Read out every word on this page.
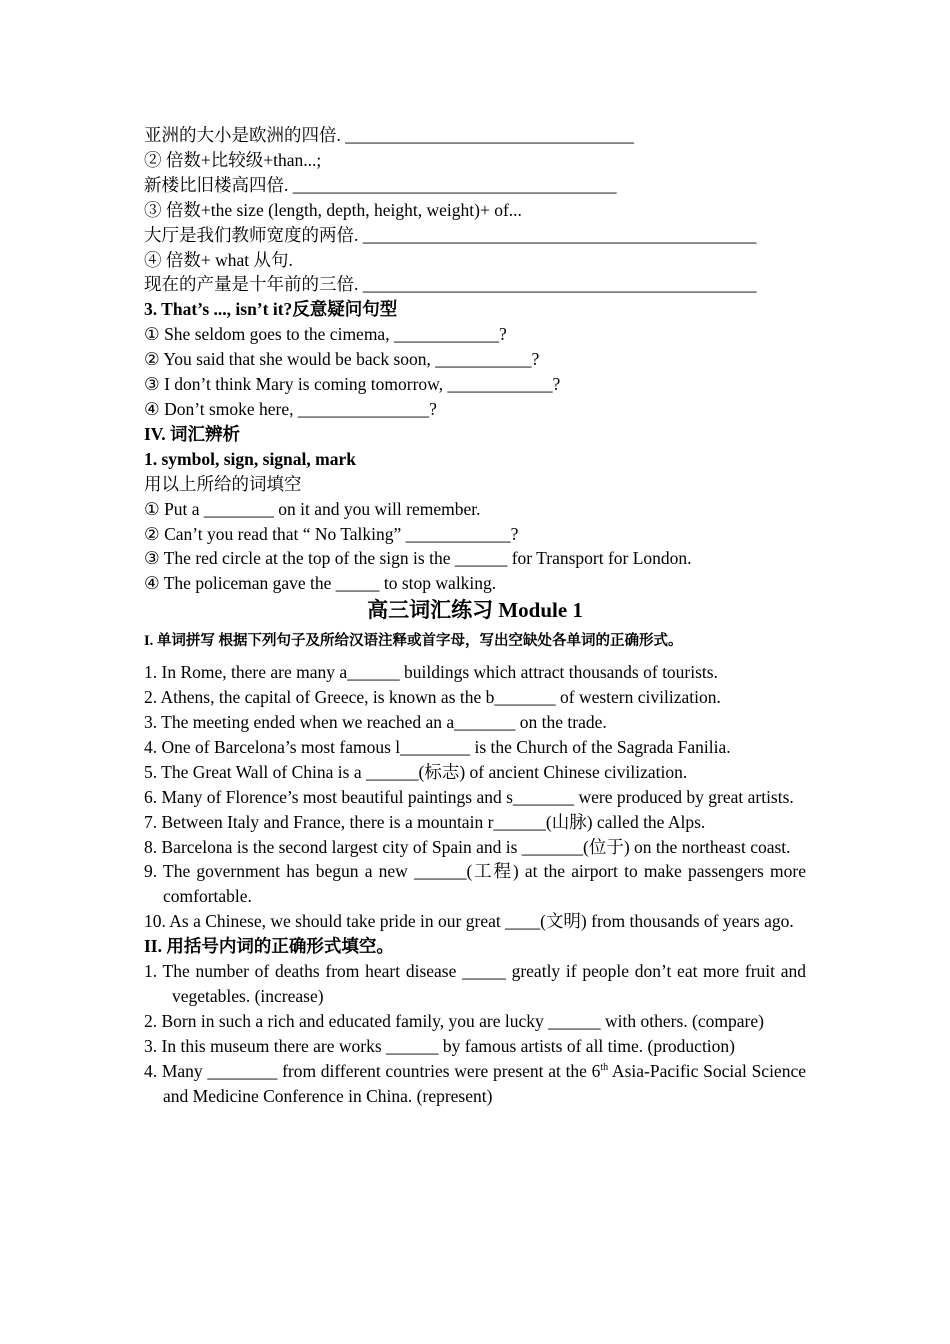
亚洲的大小是欧洲的四倍. _________________________________
② 倍数+比较级+than...;
新楼比旧楼高四倍. _____________________________________
③ 倍数+the size (length, depth, height, weight)+ of...
大厅是我们教师宽度的两倍. _____________________________________________
④ 倍数+ what 从句.
现在的产量是十年前的三倍. _____________________________________________
3. That’s ..., isn’t it?反意疑问句型
① She seldom goes to the cimema, ____________?
② You said that she would be back soon, ___________?
③ I don’t think Mary is coming tomorrow, ____________?
④ Don’t smoke here, _______________?
IV. 词汇辨析
1. symbol, sign, signal, mark
用以上所给的词填空
① Put a ________ on it and you will remember.
② Can’t you read that “ No Talking” ____________?
③ The red circle at the top of the sign is the ______ for Transport for London.
④ The policeman gave the _____ to stop walking.
高三词汇练习 Module 1
I. 单词拼写 根据下列句子及所给汉语注释或首字母，写出空缺处各单词的正确形式。
1. In Rome, there are many a______ buildings which attract thousands of tourists.
2. Athens, the capital of Greece, is known as the b_______ of western civilization.
3. The meeting ended when we reached an a_______ on the trade.
4. One of Barcelona’s most famous l________ is the Church of the Sagrada Fanilia.
5. The Great Wall of China is a ______(标志) of ancient Chinese civilization.
6. Many of Florence’s most beautiful paintings and s_______ were produced by great artists.
7. Between Italy and France, there is a mountain r______(山脉) called the Alps.
8. Barcelona is the second largest city of Spain and is _______(位于) on the northeast coast.
9. The government has begun a new ______(工程) at the airport to make passengers more comfortable.
10. As a Chinese, we should take pride in our great ____(文明) from thousands of years ago.
II. 用括号内词的正确形式填空。
1. The number of deaths from heart disease _____ greatly if people don’t eat more fruit and vegetables. (increase)
2. Born in such a rich and educated family, you are lucky ______ with others. (compare)
3. In this museum there are works ______ by famous artists of all time. (production)
4. Many ________ from different countries were present at the 6th Asia-Pacific Social Science and Medicine Conference in China. (represent)
